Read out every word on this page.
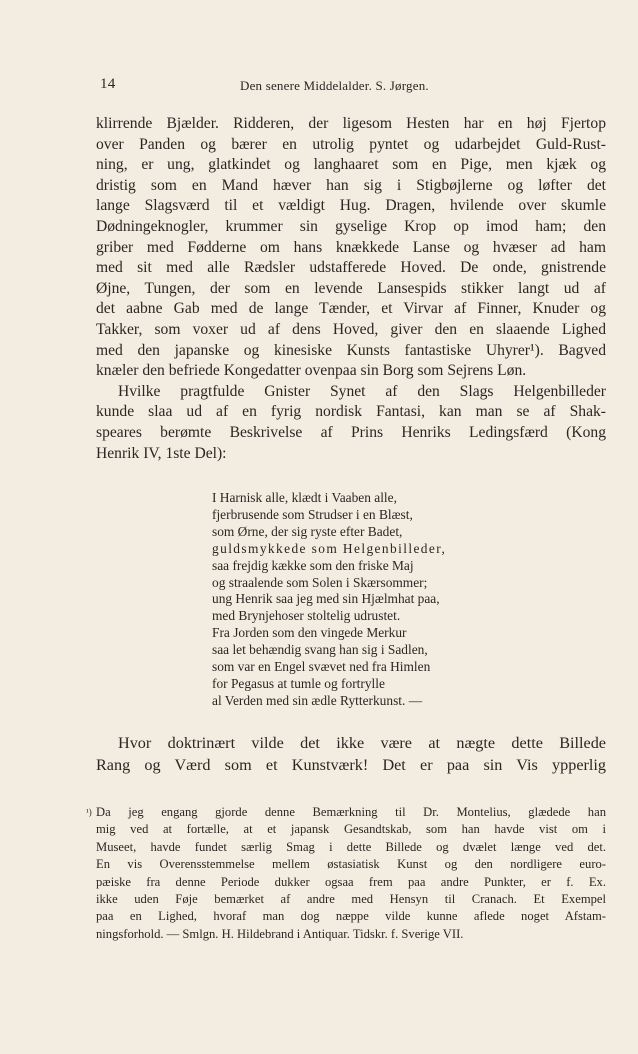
14	Den senere Middelalder. S. Jørgen.

klirrende Bjælder. Ridderen, der ligesom Hesten har en høj Fjertop
over Panden og bærer en utrolig pyntet og udarbejdet Guld-Rust-
ning, er ung, glatkindet og langhaaret som en Pige, men kjæk og
dristig som en Mand hæver han sig i Stigbøjlerne og løfter det
lange Slagsværd til et vældigt Hug. Dragen, hvilende over skumle
Dødningeknogler, krummer sin gyselige Krop op imod ham; den
griber med Fødderne om hans knækkede Lanse og hvæser ad ham
med sit med alle Rædsler udstafferede Hoved. De onde, gnistrende
Øjne, Tungen, der som en levende Lansespids stikker langt ud af
det aabne Gab med de lange Tænder, et Virvar af Finner, Knuder og
Takker, som voxer ud af dens Hoved, giver den en slaaende Lighed
med den japanske og kinesiske Kunsts fantastiske Uhyrer¹). Bagved
knæler den befriede Kongedatter ovenpaa sin Borg som Sejrens Løn.

Hvilke pragtfulde Gnister Synet af den Slags Helgenbilleder
kunde slaa ud af en fyrig nordisk Fantasi, kan man se af Shak-
speares berømte Beskrivelse af Prins Henriks Ledingsfærd (Kong
Henrik IV, 1ste Del):

I Harnisk alle, klædt i Vaaben alle,
fjerbrusende som Strudser i en Blæst,
som Ørne, der sig ryste efter Badet,
guldsmykkede som Helgenbilleder,
saa frejdig kække som den friske Maj
og straalende som Solen i Skærsommer;
ung Henrik saa jeg med sin Hjælmhat paa,
med Brynjehoser stoltelig udrustet.
Fra Jorden som den vingede Merkur
saa let behændig svang han sig i Sadlen,
som var en Engel svævet ned fra Himlen
for Pegasus at tumle og fortrylle
al Verden med sin ædle Rytterkunst. —
Hvor doktrinært vilde det ikke være at nægte dette Billede
Rang og Værd som et Kunstværk! Det er paa sin Vis ypperlig
¹) Da jeg engang gjorde denne Bemærkning til Dr. Montelius, glædede han
mig ved at fortælle, at et japansk Gesandtskab, som han havde vist om i
Museet, havde fundet særlig Smag i dette Billede og dvælet længe ved det.
En vis Overensstemmelse mellem østasiatisk Kunst og den nordligere euro-
pæiske fra denne Periode dukker ogsaa frem paa andre Punkter, er f. Ex.
ikke uden Føje bemærket af andre med Hensyn til Cranach. Et Exempel
paa en Lighed, hvoraf man dog næppe vilde kunne aflede noget Afstam-
ningsforhold. — Smlgn. H. Hildebrand i Antiquar. Tidskr. f. Sverige VII.
